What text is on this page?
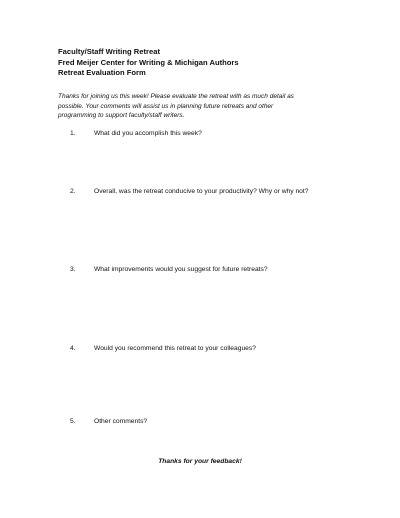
Faculty/Staff Writing Retreat
Fred Meijer Center for Writing & Michigan Authors
Retreat Evaluation Form
Thanks for joining us this week! Please evaluate the retreat with as much detail as
possible. Your comments will assist us in planning future retreats and other
programming to support faculty/staff writers.
1.	What did you accomplish this week?
2.	Overall, was the retreat conducive to your productivity? Why or why not?
3.	What improvements would you suggest for future retreats?
4.	Would you recommend this retreat to your colleagues?
5.	Other comments?
Thanks for your feedback!
